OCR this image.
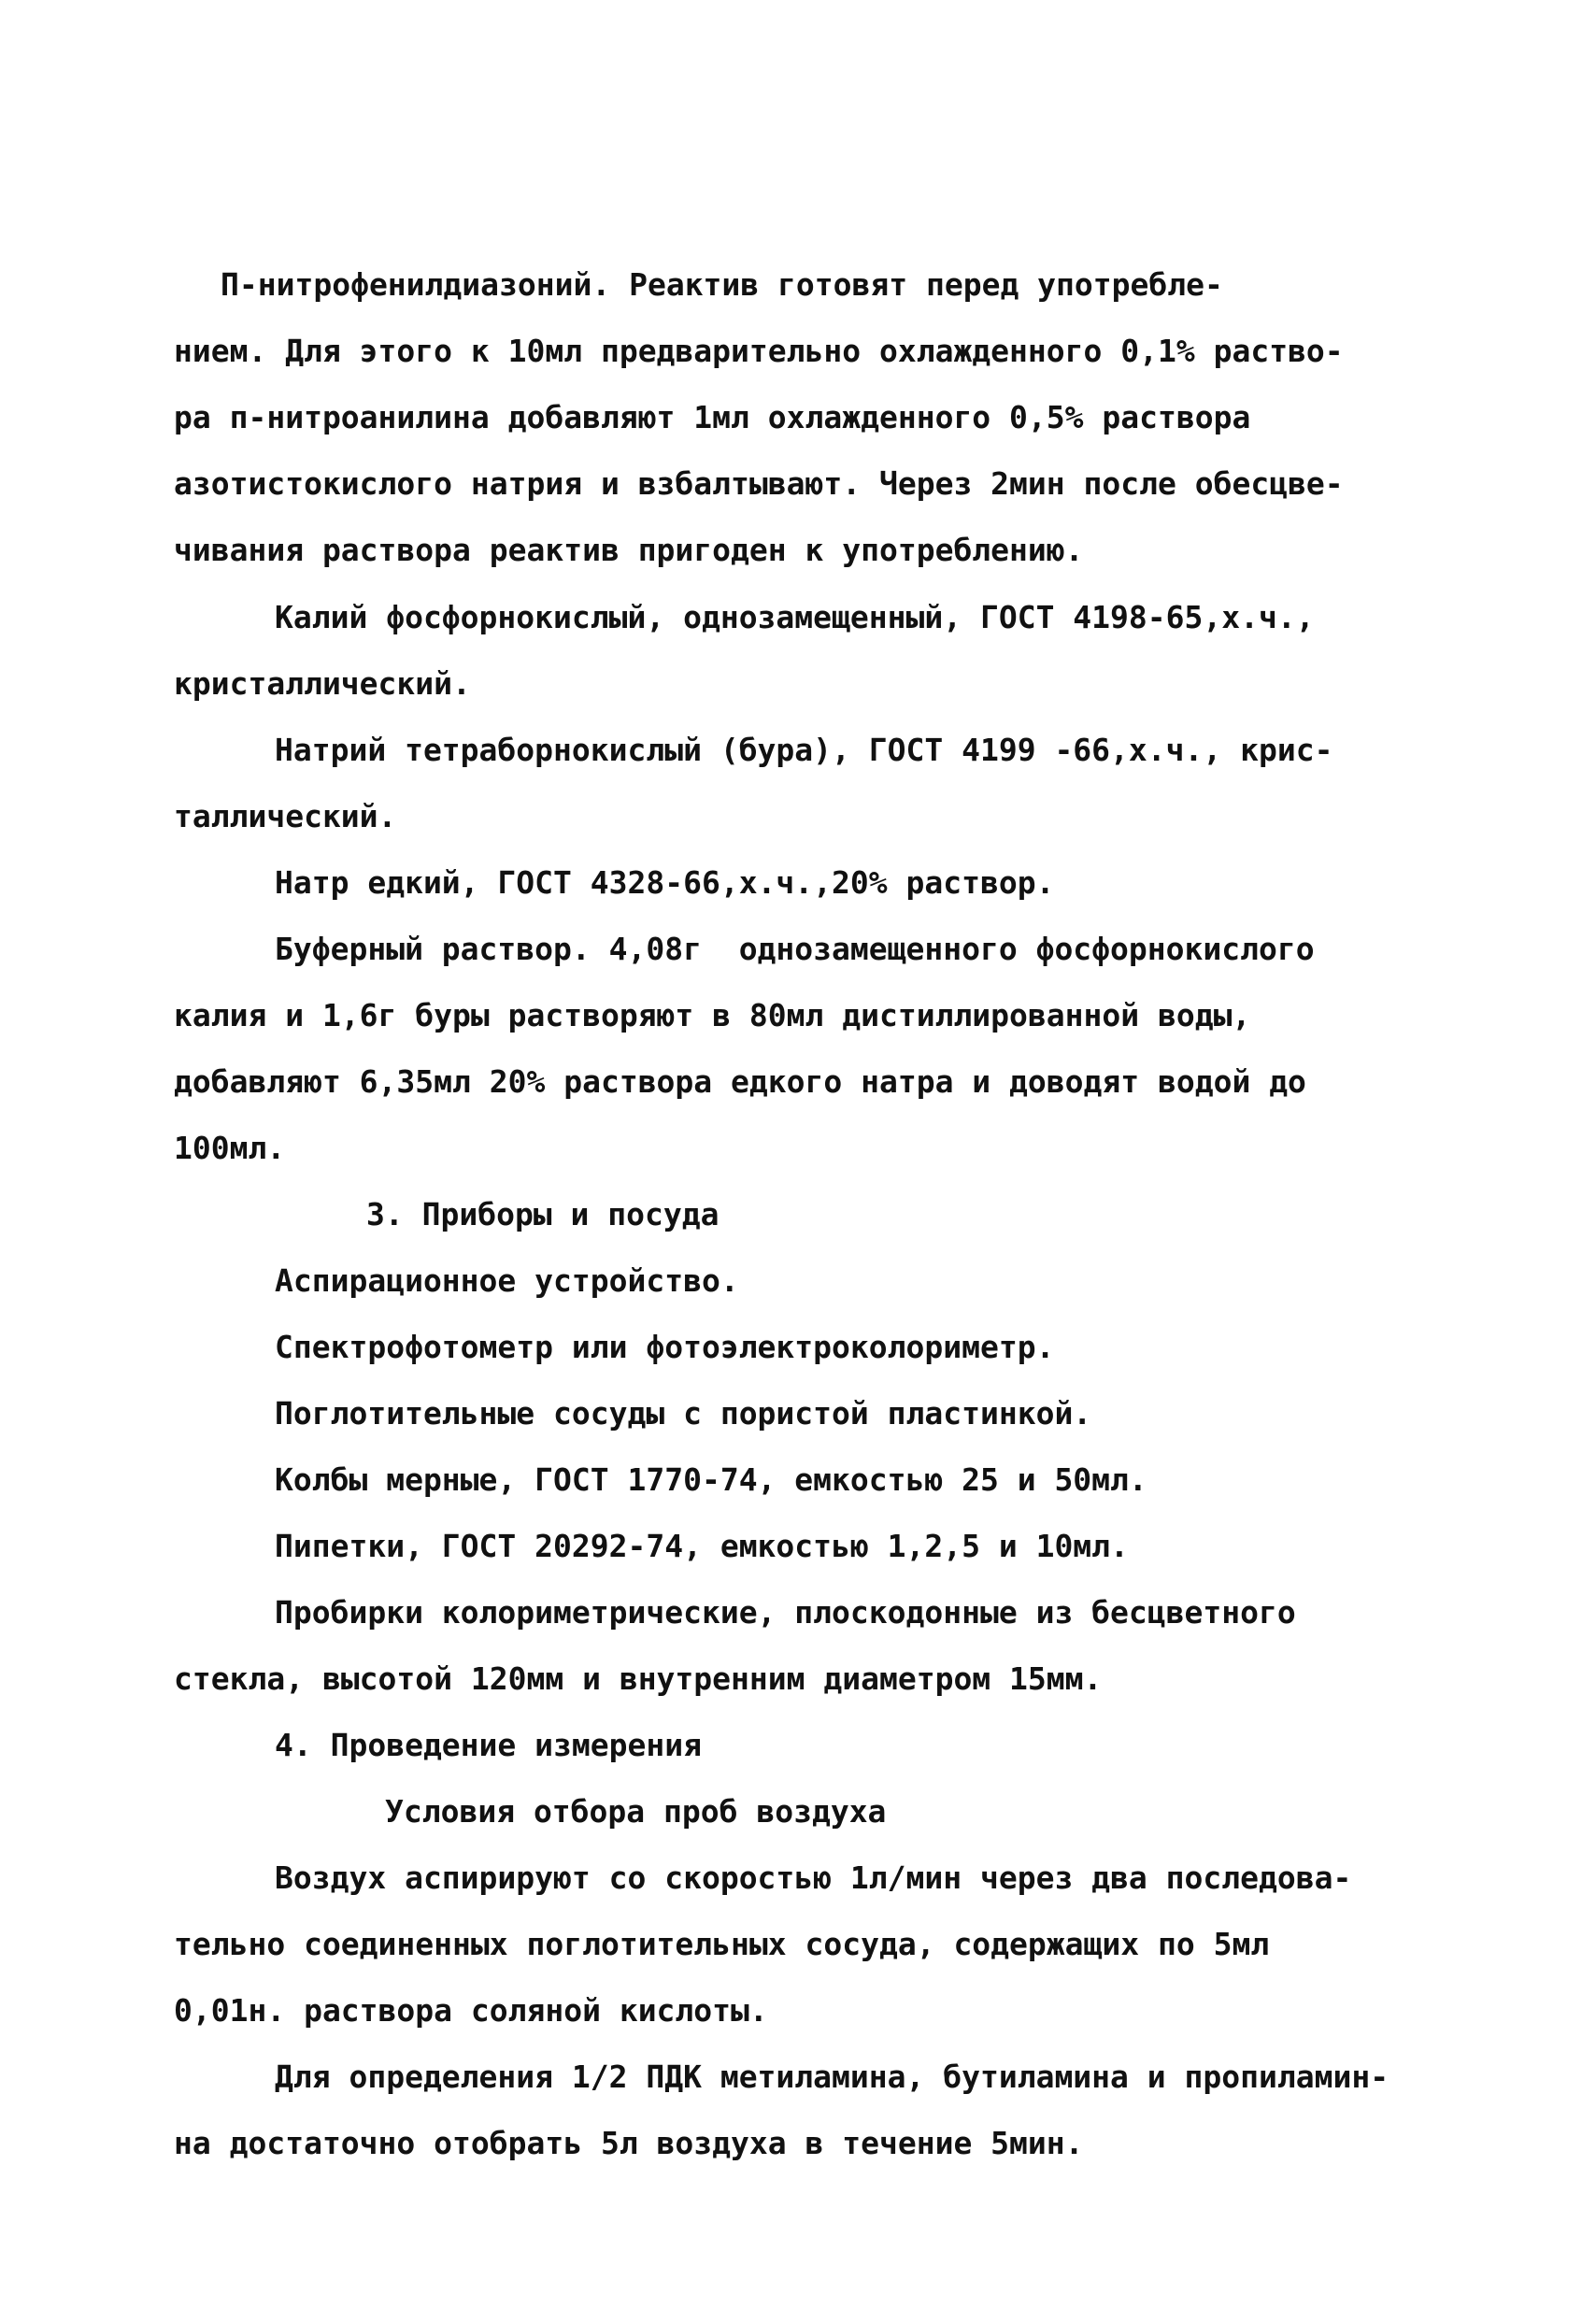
П-нитрофенилдиазоний. Реактив готовят перед употребле-
нием. Для этого к 10мл предварительно охлажденного 0,1% раство-
ра п-нитроанилина добавляют 1мл охлажденного 0,5% раствора
азотистокислого натрия и взбалтывают. Через 2мин после обесцве-
чивания раствора реактив пригоден к употреблению.
Калий фосфорнокислый, однозамещенный, ГОСТ 4198-65,х.ч.,
кристаллический.
Натрий тетраборнокислый (бура), ГОСТ 4199 -66,х.ч., крис-
таллический.
Натр едкий, ГОСТ 4328-66,х.ч.,20% раствор.
Буферный раствор. 4,08г  однозамещенного фосфорнокислого
калия и 1,6г буры растворяют в 80мл дистиллированной воды,
добавляют 6,35мл 20% раствора едкого натра и доводят водой до
100мл.
3. Приборы и посуда
Аспирационное устройство.
Спектрофотометр или фотоэлектроколориметр.
Поглотительные сосуды с пористой пластинкой.
Колбы мерные, ГОСТ 1770-74, емкостью 25 и 50мл.
Пипетки, ГОСТ 20292-74, емкостью 1,2,5 и 10мл.
Пробирки колориметрические, плоскодонные из бесцветного
стекла, высотой 120мм и внутренним диаметром 15мм.
4. Проведение измерения
Условия отбора проб воздуха
Воздух аспирируют со скоростью 1л/мин через два последова-
тельно соединенных поглотительных сосуда, содержащих по 5мл
0,01н. раствора соляной кислоты.
Для определения 1/2 ПДК метиламина, бутиламина и пропиламин-
на достаточно отобрать 5л воздуха в течение 5мин.
